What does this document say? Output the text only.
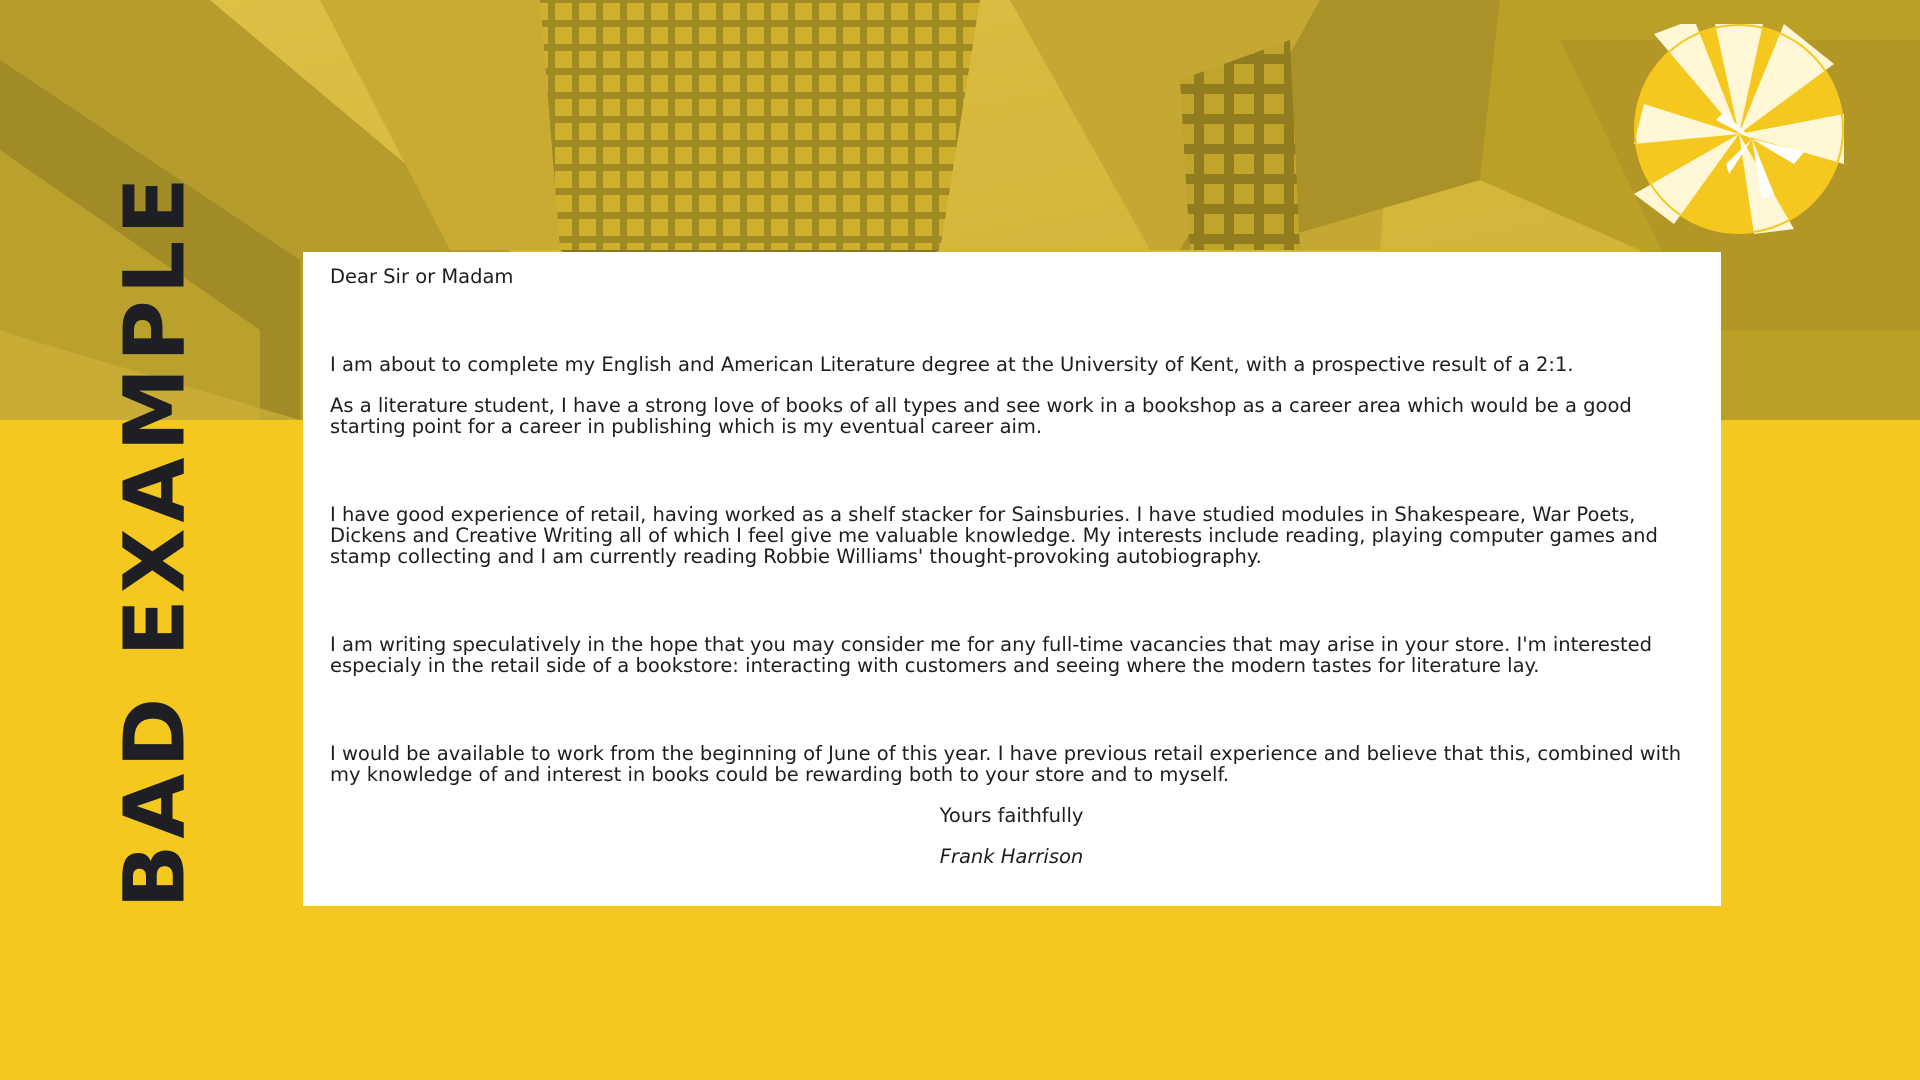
BAD EXAMPLE	Dear Sir or Madam

I am about to complete my English and American Literature degree at the University of Kent, with a prospective result of a 2:1.

As a literature student, I have a strong love of books of all types and see work in a bookshop as a career area which would be a good starting point for a career in publishing which is my eventual career aim.

I have good experience of retail, having worked as a shelf stacker for Sainsburies. I have studied modules in Shakespeare, War Poets, Dickens and Creative Writing all of which I feel give me valuable knowledge. My interests include reading, playing computer games and stamp collecting and I am currently reading Robbie Williams' thought-provoking autobiography.

I am writing speculatively in the hope that you may consider me for any full-time vacancies that may arise in your store. I'm interested especialy in the retail side of a bookstore: interacting with customers and seeing where the modern tastes for literature lay.

I would be available to work from the beginning of June of this year. I have previous retail experience and believe that this, combined with my knowledge of and interest in books could be rewarding both to your store and to myself.

Yours faithfully

Frank Harrison
